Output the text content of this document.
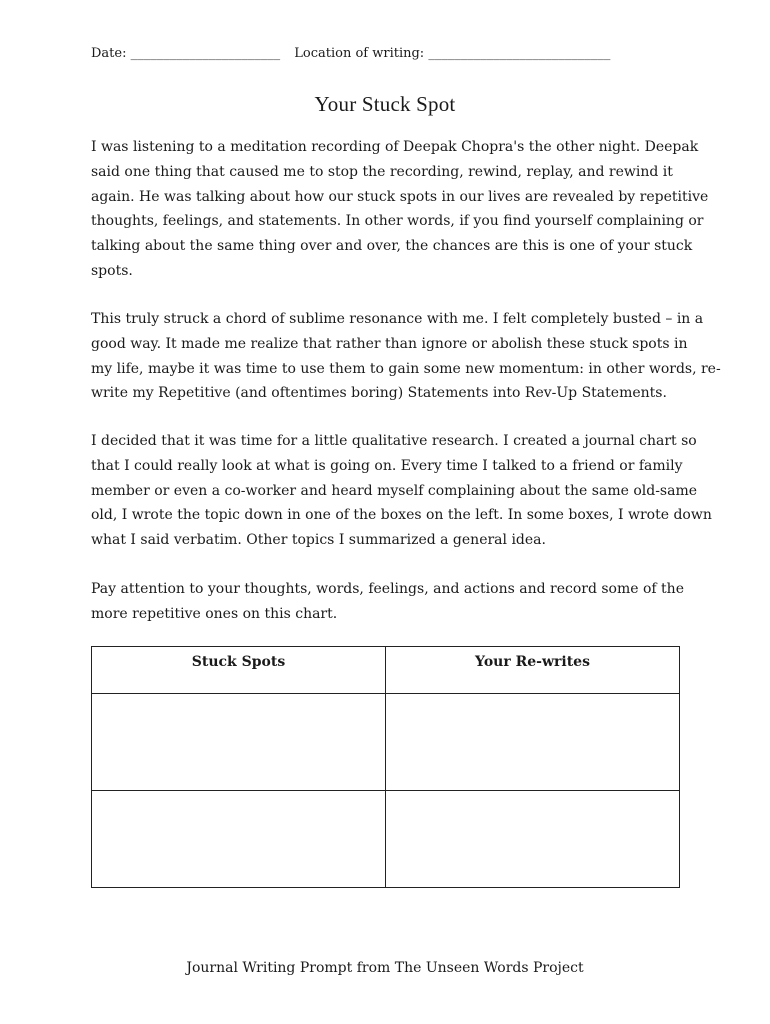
Date: _______________________ Location of writing: ____________________________
Your Stuck Spot
I was listening to a meditation recording of Deepak Chopra's the other night. Deepak
said one thing that caused me to stop the recording, rewind, replay, and rewind it
again. He was talking about how our stuck spots in our lives are revealed by repetitive
thoughts, feelings, and statements. In other words, if you find yourself complaining or
talking about the same thing over and over, the chances are this is one of your stuck
spots.
This truly struck a chord of sublime resonance with me. I felt completely busted – in a
good way. It made me realize that rather than ignore or abolish these stuck spots in
my life, maybe it was time to use them to gain some new momentum: in other words, re-
write my Repetitive (and oftentimes boring) Statements into Rev-Up Statements.
I decided that it was time for a little qualitative research. I created a journal chart so
that I could really look at what is going on. Every time I talked to a friend or family
member or even a co-worker and heard myself complaining about the same old-same
old, I wrote the topic down in one of the boxes on the left. In some boxes, I wrote down
what I said verbatim. Other topics I summarized a general idea.
Pay attention to your thoughts, words, feelings, and actions and record some of the
more repetitive ones on this chart.
Stuck Spots	Your Re-writes

Journal Writing Prompt from The Unseen Words Project
